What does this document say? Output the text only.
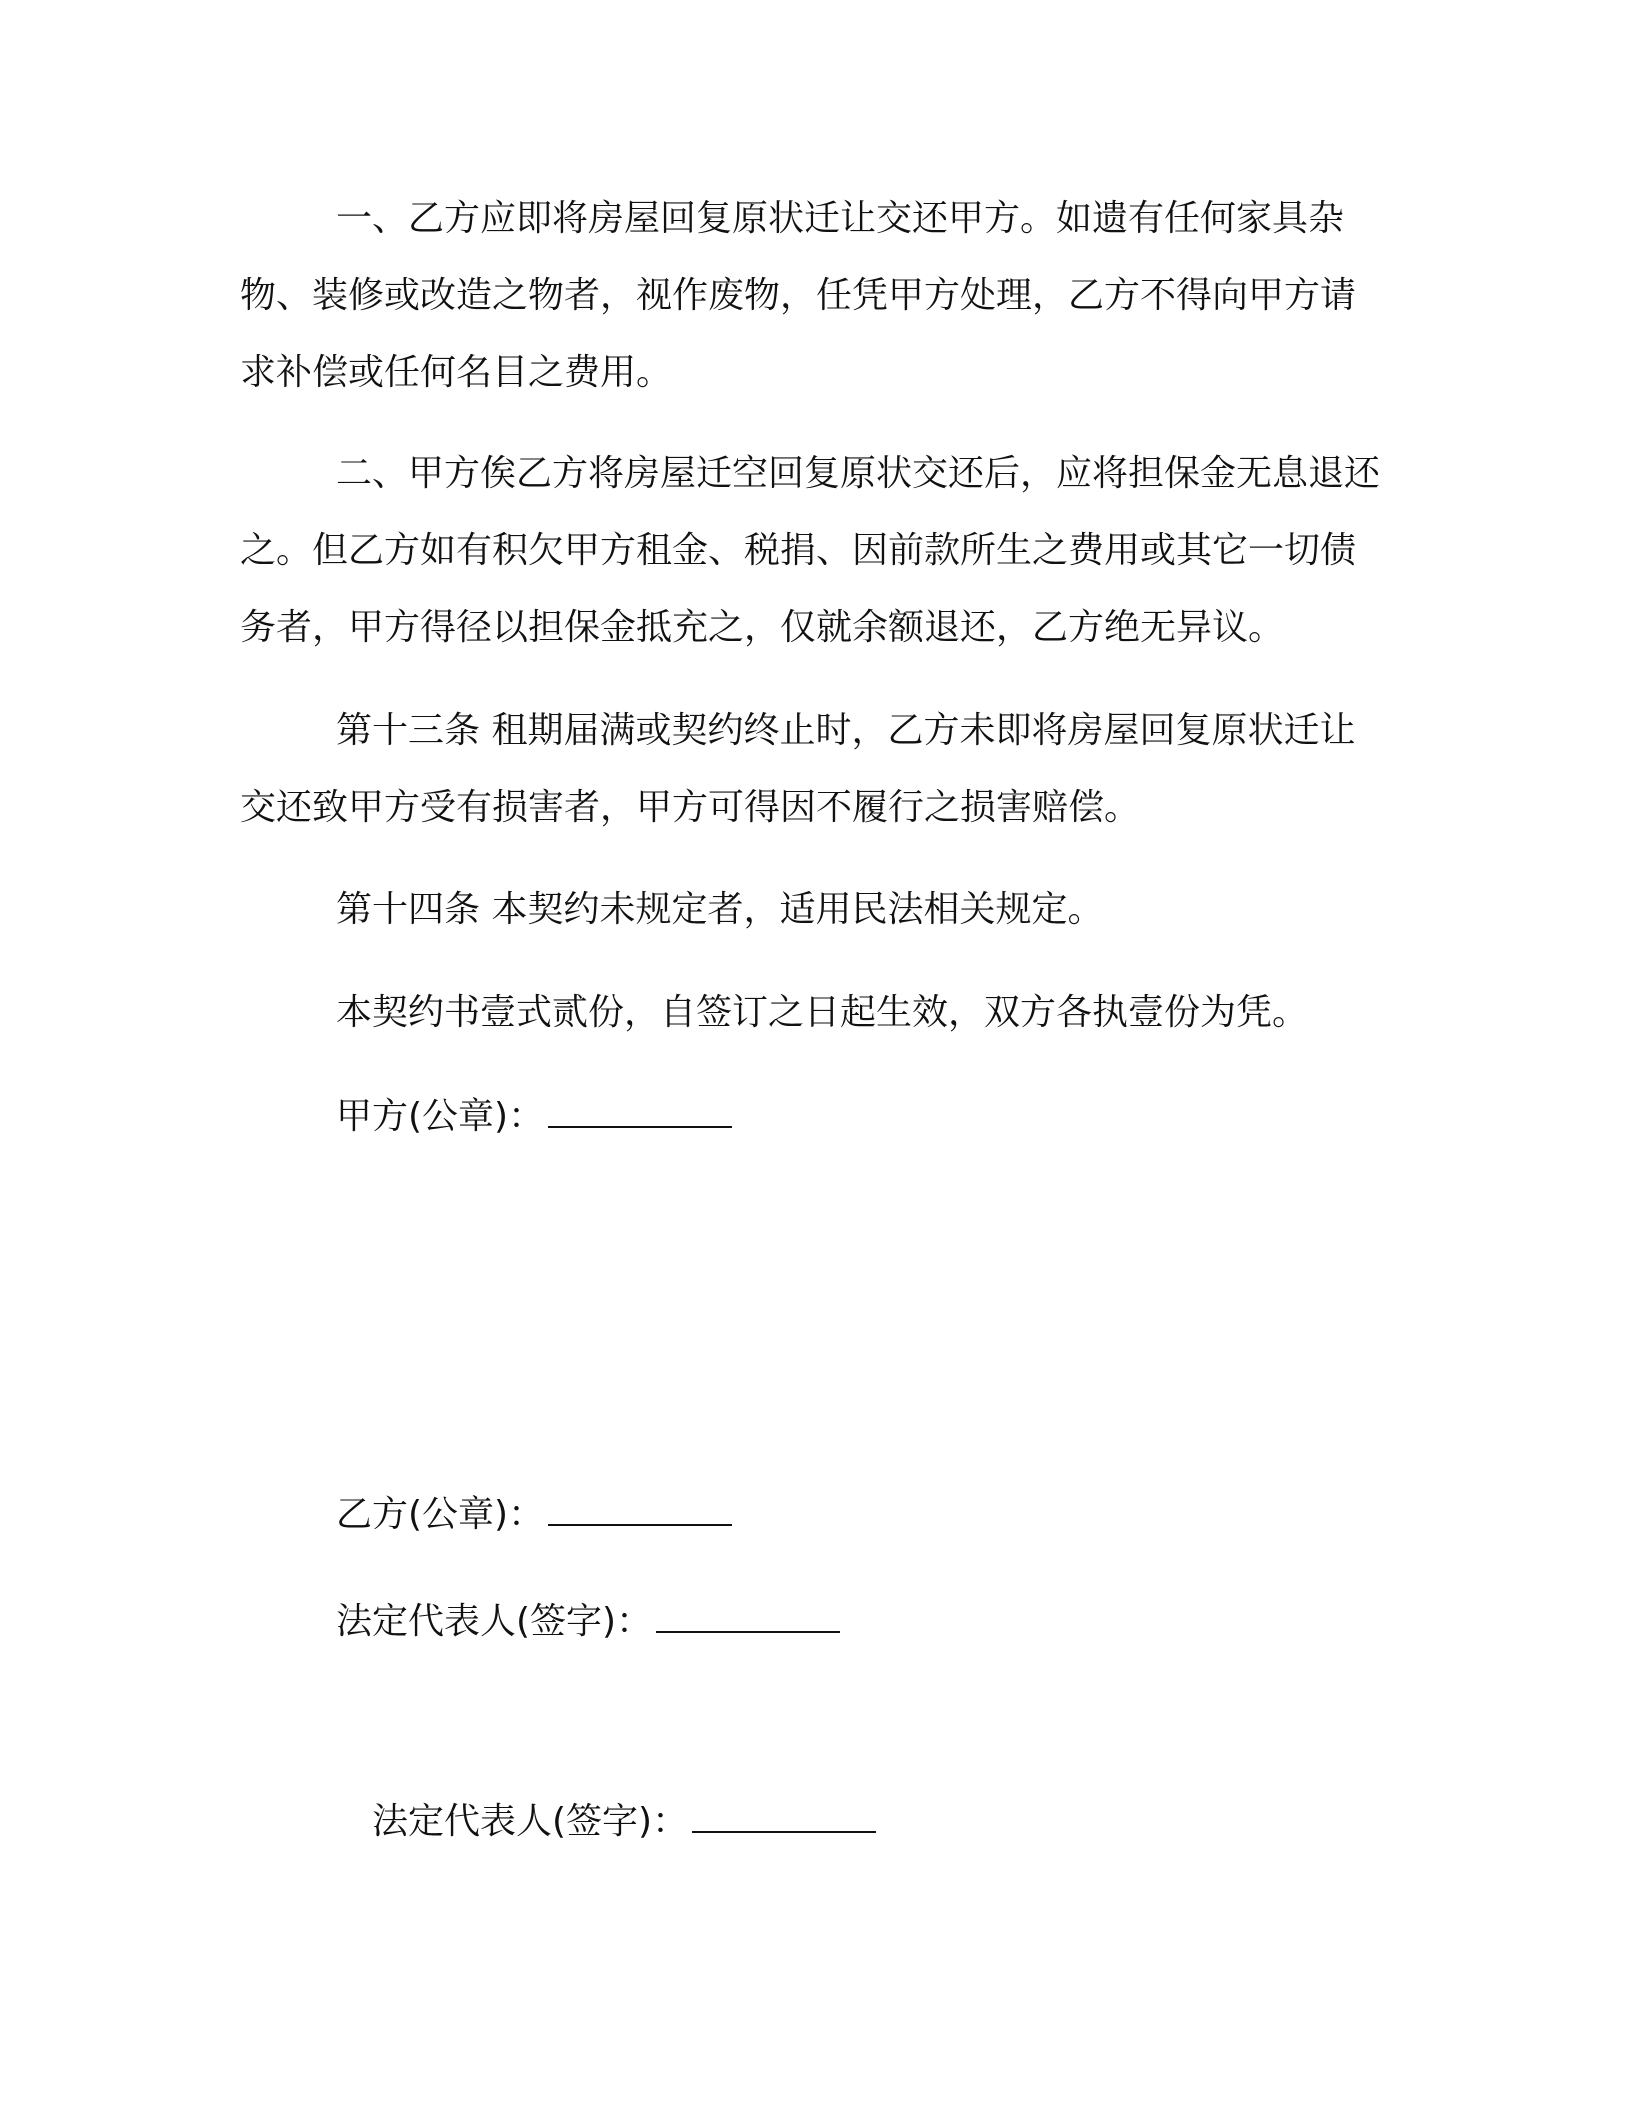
一、乙方应即将房屋回复原状迁让交还甲方。如遗有任何家具杂物、装修或改造之物者，视作废物，任凭甲方处理，乙方不得向甲方请求补偿或任何名目之费用。

二、甲方俟乙方将房屋迁空回复原状交还后，应将担保金无息退还之。但乙方如有积欠甲方租金、税捐、因前款所生之费用或其它一切债务者，甲方得径以担保金抵充之，仅就余额退还，乙方绝无异议。

第十三条 租期届满或契约终止时，乙方未即将房屋回复原状迁让交还致甲方受有损害者，甲方可得因不履行之损害赔偿。

第十四条 本契约未规定者，适用民法相关规定。

本契约书壹式贰份，自签订之日起生效，双方各执壹份为凭。

甲方(公章)：
乙方(公章)：
法定代表人(签字)：
法定代表人(签字)：
